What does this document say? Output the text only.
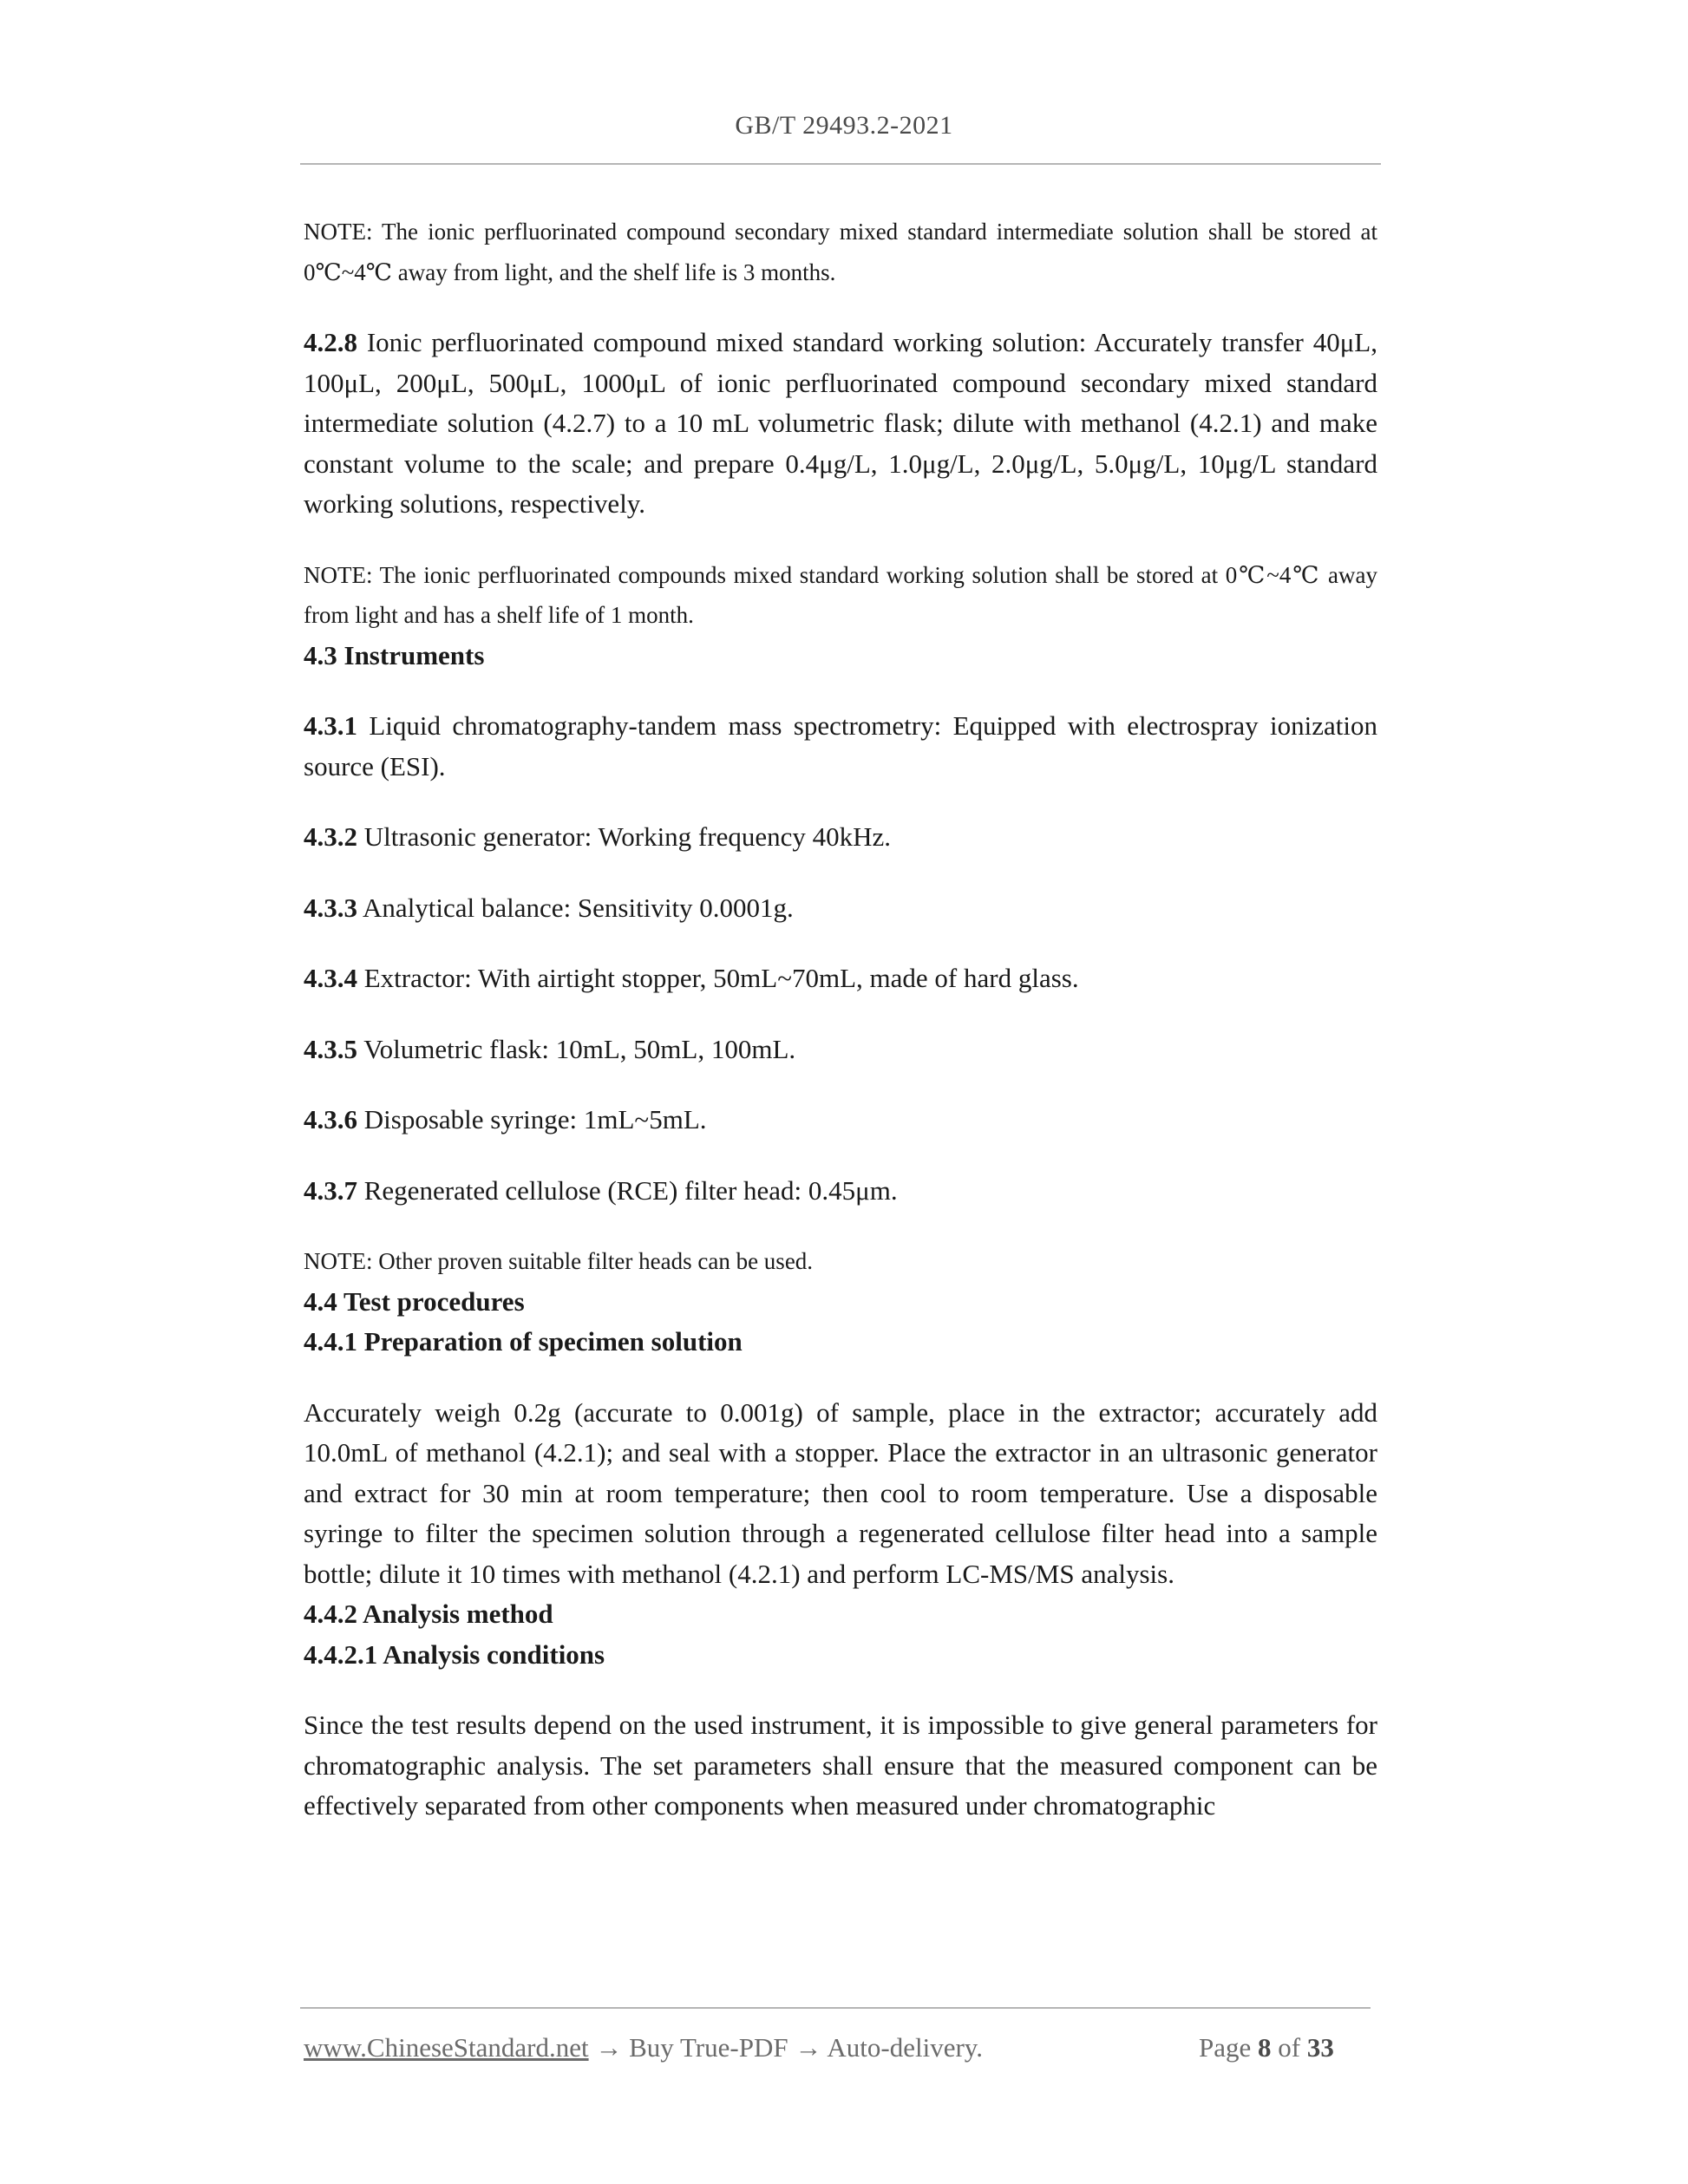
GB/T 29493.2-2021

NOTE: The ionic perfluorinated compound secondary mixed standard intermediate solution shall be stored at 0℃~4℃ away from light, and the shelf life is 3 months.

4.2.8 Ionic perfluorinated compound mixed standard working solution: Accurately transfer 40μL, 100μL, 200μL, 500μL, 1000μL of ionic perfluorinated compound secondary mixed standard intermediate solution (4.2.7) to a 10 mL volumetric flask; dilute with methanol (4.2.1) and make constant volume to the scale; and prepare 0.4μg/L, 1.0μg/L, 2.0μg/L, 5.0μg/L, 10μg/L standard working solutions, respectively.

NOTE: The ionic perfluorinated compounds mixed standard working solution shall be stored at 0℃~4℃ away from light and has a shelf life of 1 month.

4.3 Instruments

4.3.1 Liquid chromatography-tandem mass spectrometry: Equipped with electrospray ionization source (ESI).

4.3.2 Ultrasonic generator: Working frequency 40kHz.

4.3.3 Analytical balance: Sensitivity 0.0001g.

4.3.4 Extractor: With airtight stopper, 50mL~70mL, made of hard glass.

4.3.5 Volumetric flask: 10mL, 50mL, 100mL.

4.3.6 Disposable syringe: 1mL~5mL.

4.3.7 Regenerated cellulose (RCE) filter head: 0.45μm.

NOTE: Other proven suitable filter heads can be used.

4.4 Test procedures

4.4.1 Preparation of specimen solution

Accurately weigh 0.2g (accurate to 0.001g) of sample, place in the extractor; accurately add 10.0mL of methanol (4.2.1); and seal with a stopper. Place the extractor in an ultrasonic generator and extract for 30 min at room temperature; then cool to room temperature. Use a disposable syringe to filter the specimen solution through a regenerated cellulose filter head into a sample bottle; dilute it 10 times with methanol (4.2.1) and perform LC-MS/MS analysis.

4.4.2 Analysis method

4.4.2.1 Analysis conditions

Since the test results depend on the used instrument, it is impossible to give general parameters for chromatographic analysis. The set parameters shall ensure that the measured component can be effectively separated from other components when measured under chromatographic

www.ChineseStandard.net → Buy True-PDF → Auto-delivery.	Page 8 of 33
